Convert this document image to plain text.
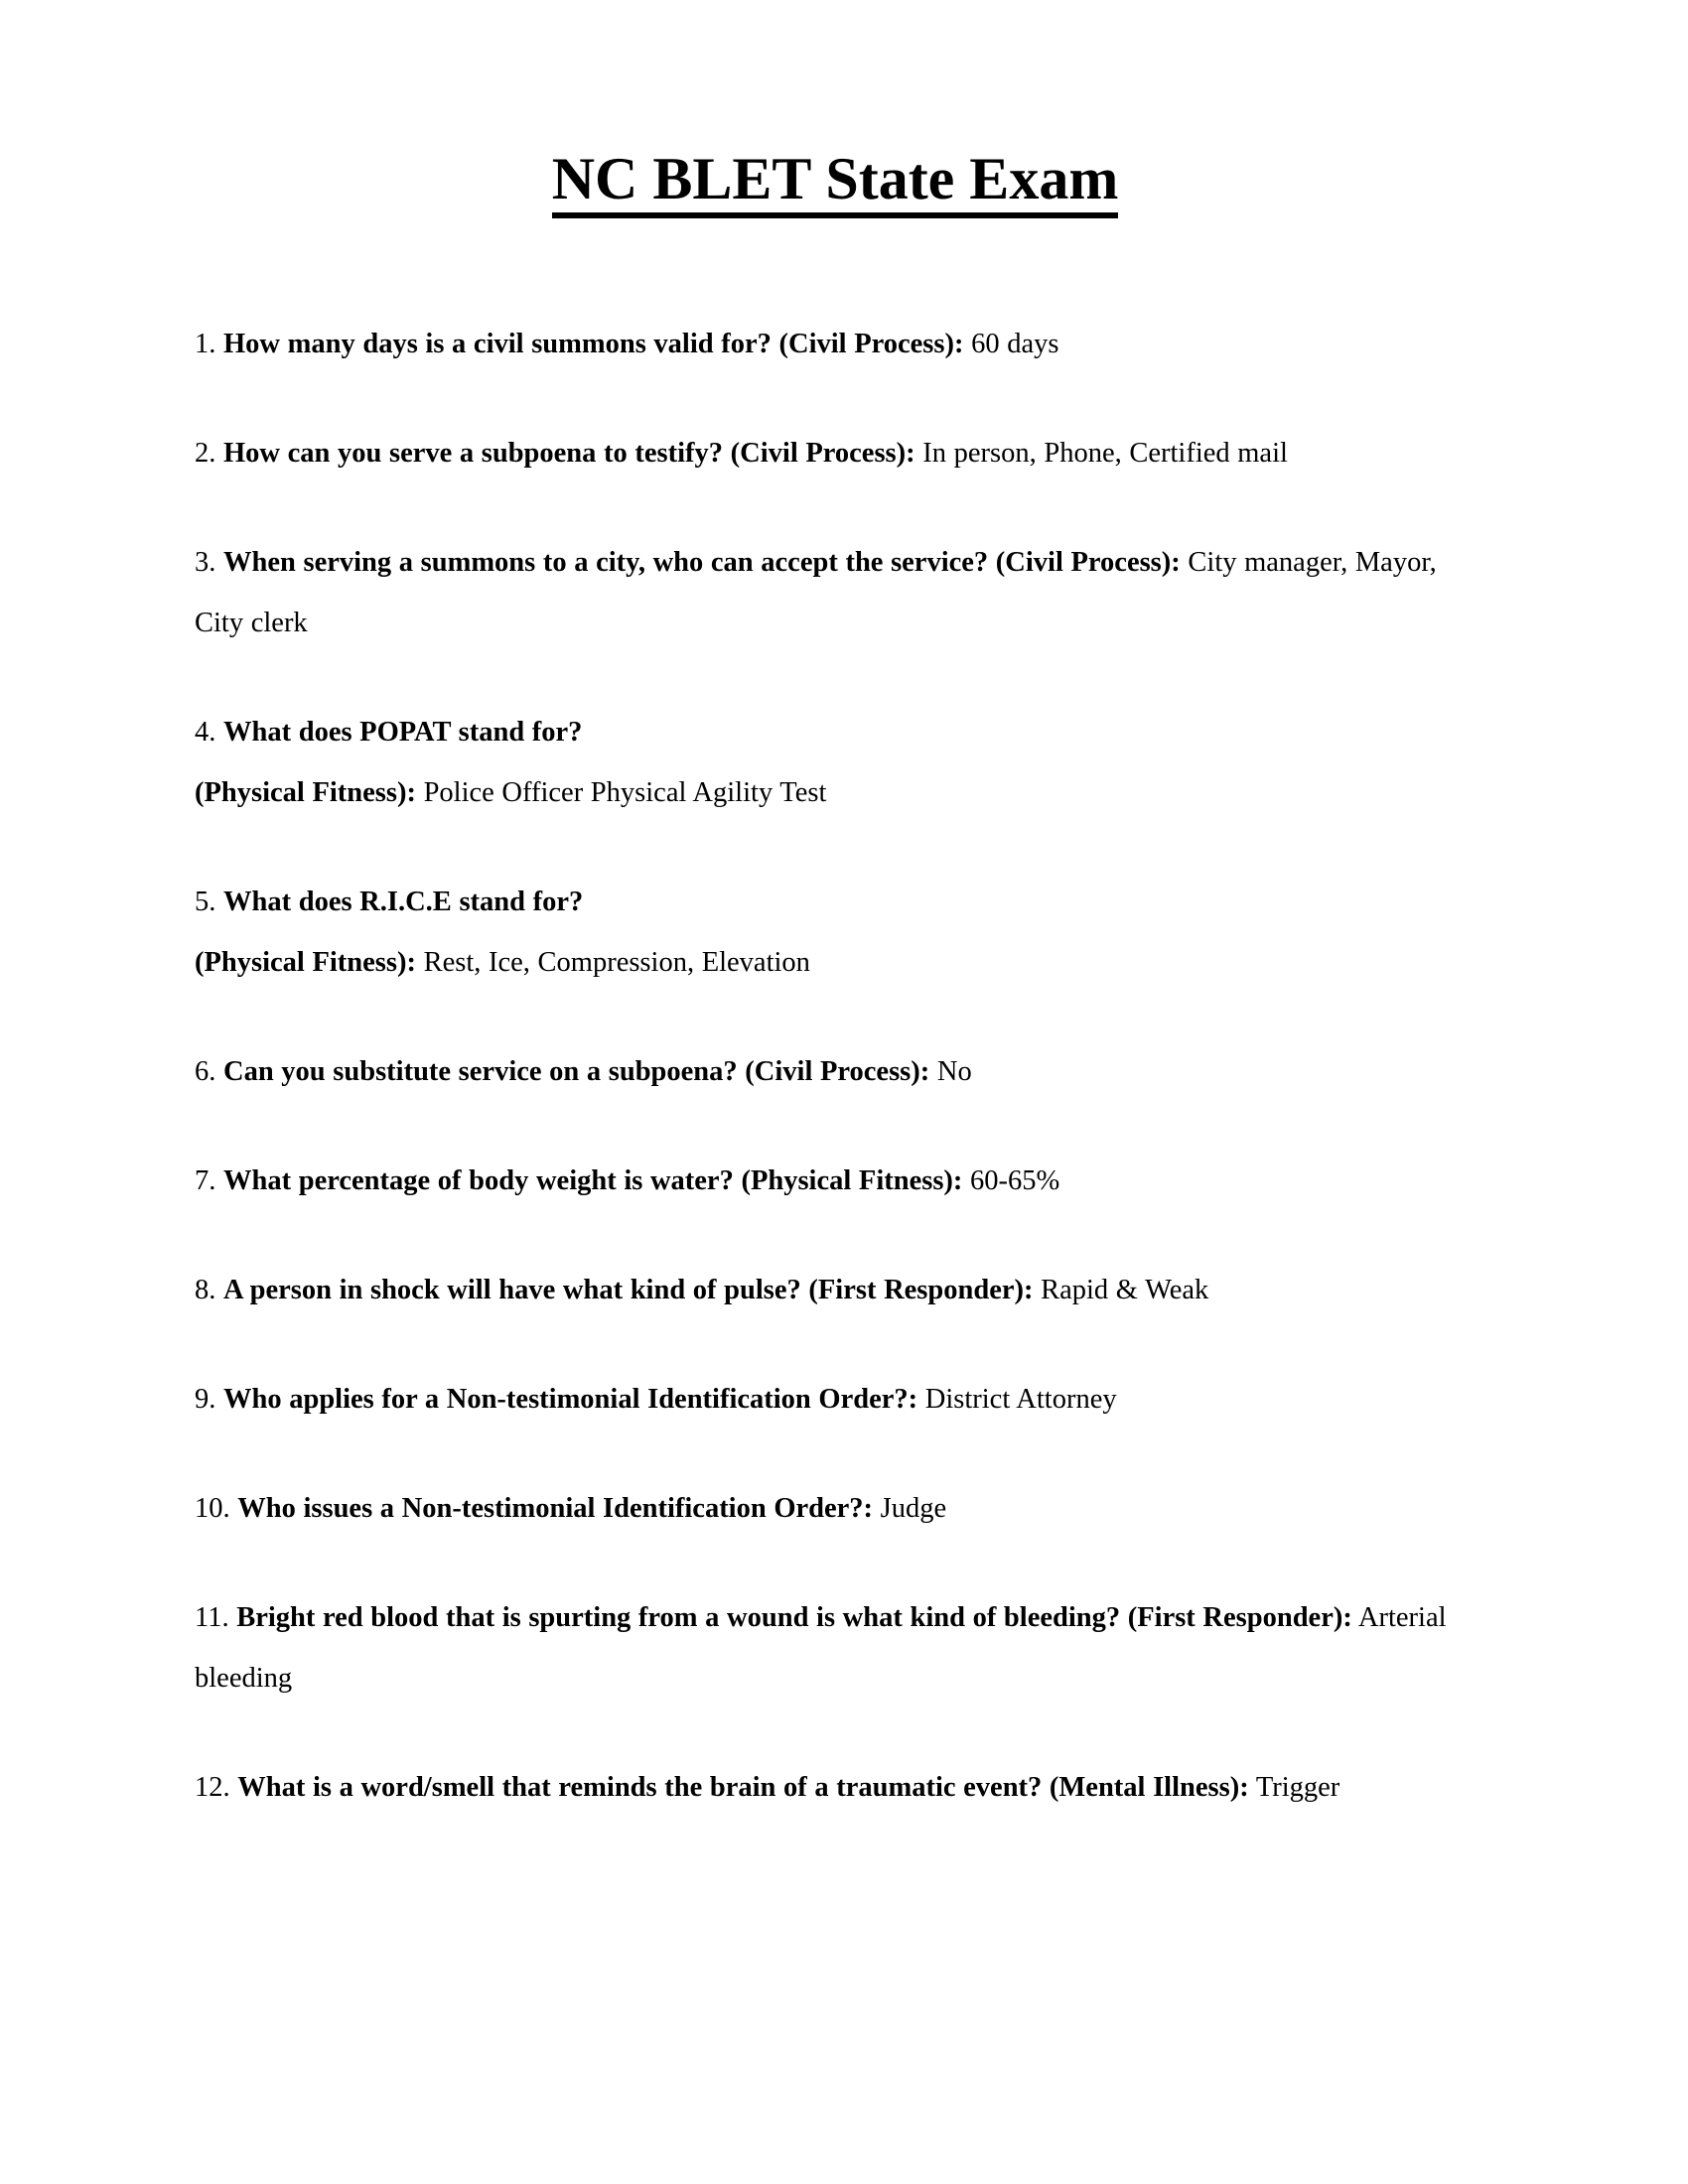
NC BLET State Exam
1. How many days is a civil summons valid for? (Civil Process): 60 days
2. How can you serve a subpoena to testify? (Civil Process): In person, Phone, Certified mail
3. When serving a summons to a city, who can accept the service? (Civil Process): City manager, Mayor, City clerk
4. What does POPAT stand for?
(Physical Fitness): Police Officer Physical Agility Test
5. What does R.I.C.E stand for?
(Physical Fitness): Rest, Ice, Compression, Elevation
6. Can you substitute service on a subpoena? (Civil Process): No
7. What percentage of body weight is water? (Physical Fitness): 60-65%
8. A person in shock will have what kind of pulse? (First Responder): Rapid & Weak
9. Who applies for a Non-testimonial Identification Order?: District Attorney
10. Who issues a Non-testimonial Identification Order?: Judge
11. Bright red blood that is spurting from a wound is what kind of bleeding? (First Responder): Arterial bleeding
12. What is a word/smell that reminds the brain of a traumatic event? (Mental Illness): Trigger
